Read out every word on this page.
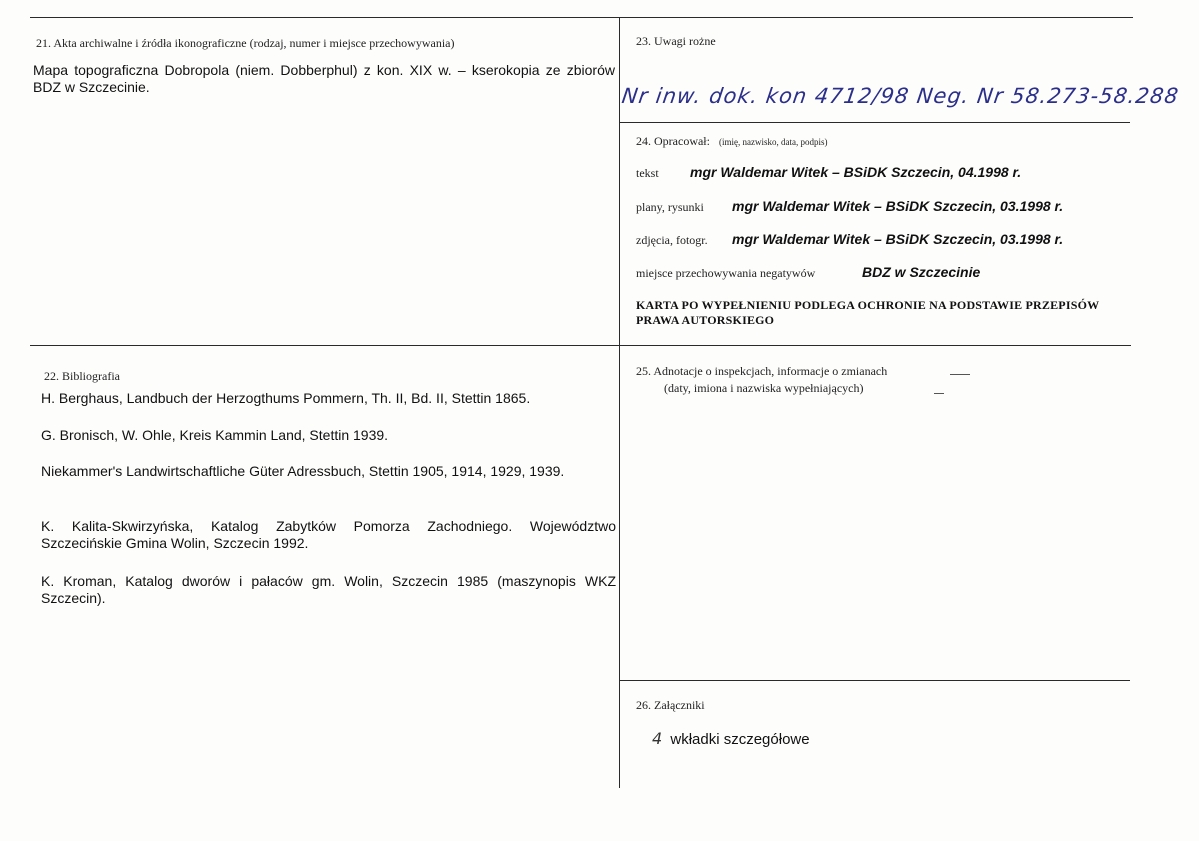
21. Akta archiwalne i źródła ikonograficzne (rodzaj, numer i miejsce przechowywania)
Mapa topograficzna Dobropola (niem. Dobberphul) z kon. XIX w. – kserokopia ze zbiorów BDZ w Szczecinie.
23. Uwagi rożne
Nr inw. dok. kon 4712/98 Neg. Nr 58.273-58.288
24. Opracował: (imię, nazwisko, data, podpis)
tekst mgr Waldemar Witek – BSiDK Szczecin, 04.1998 r.
plany, rysunki mgr Waldemar Witek – BSiDK Szczecin, 03.1998 r.
zdjęcia, fotogr. mgr Waldemar Witek – BSiDK Szczecin, 03.1998 r.
miejsce przechowywania negatywów	BDZ w Szczecinie
KARTA PO WYPEŁNIENIU PODLEGA OCHRONIE NA PODSTAWIE PRZEPISÓW
PRAWA AUTORSKIEGO
22. Bibliografia
H. Berghaus, Landbuch der Herzogthums Pommern, Th. II, Bd. II, Stettin 1865.
G. Bronisch, W. Ohle, Kreis Kammin Land, Stettin 1939.
Niekammer's Landwirtschaftliche Güter Adressbuch, Stettin 1905, 1914, 1929, 1939.
K. Kalita-Skwirzyńska, Katalog Zabytków Pomorza Zachodniego. Województwo Szczecińskie Gmina Wolin, Szczecin 1992.
K. Kroman, Katalog dworów i pałaców gm. Wolin, Szczecin 1985 (maszynopis WKZ Szczecin).
25. Adnotacje o inspekcjach, informacje o zmianach
(daty, imiona i nazwiska wypełniających)
26. Załączniki
4 wkładki szczegółowe
